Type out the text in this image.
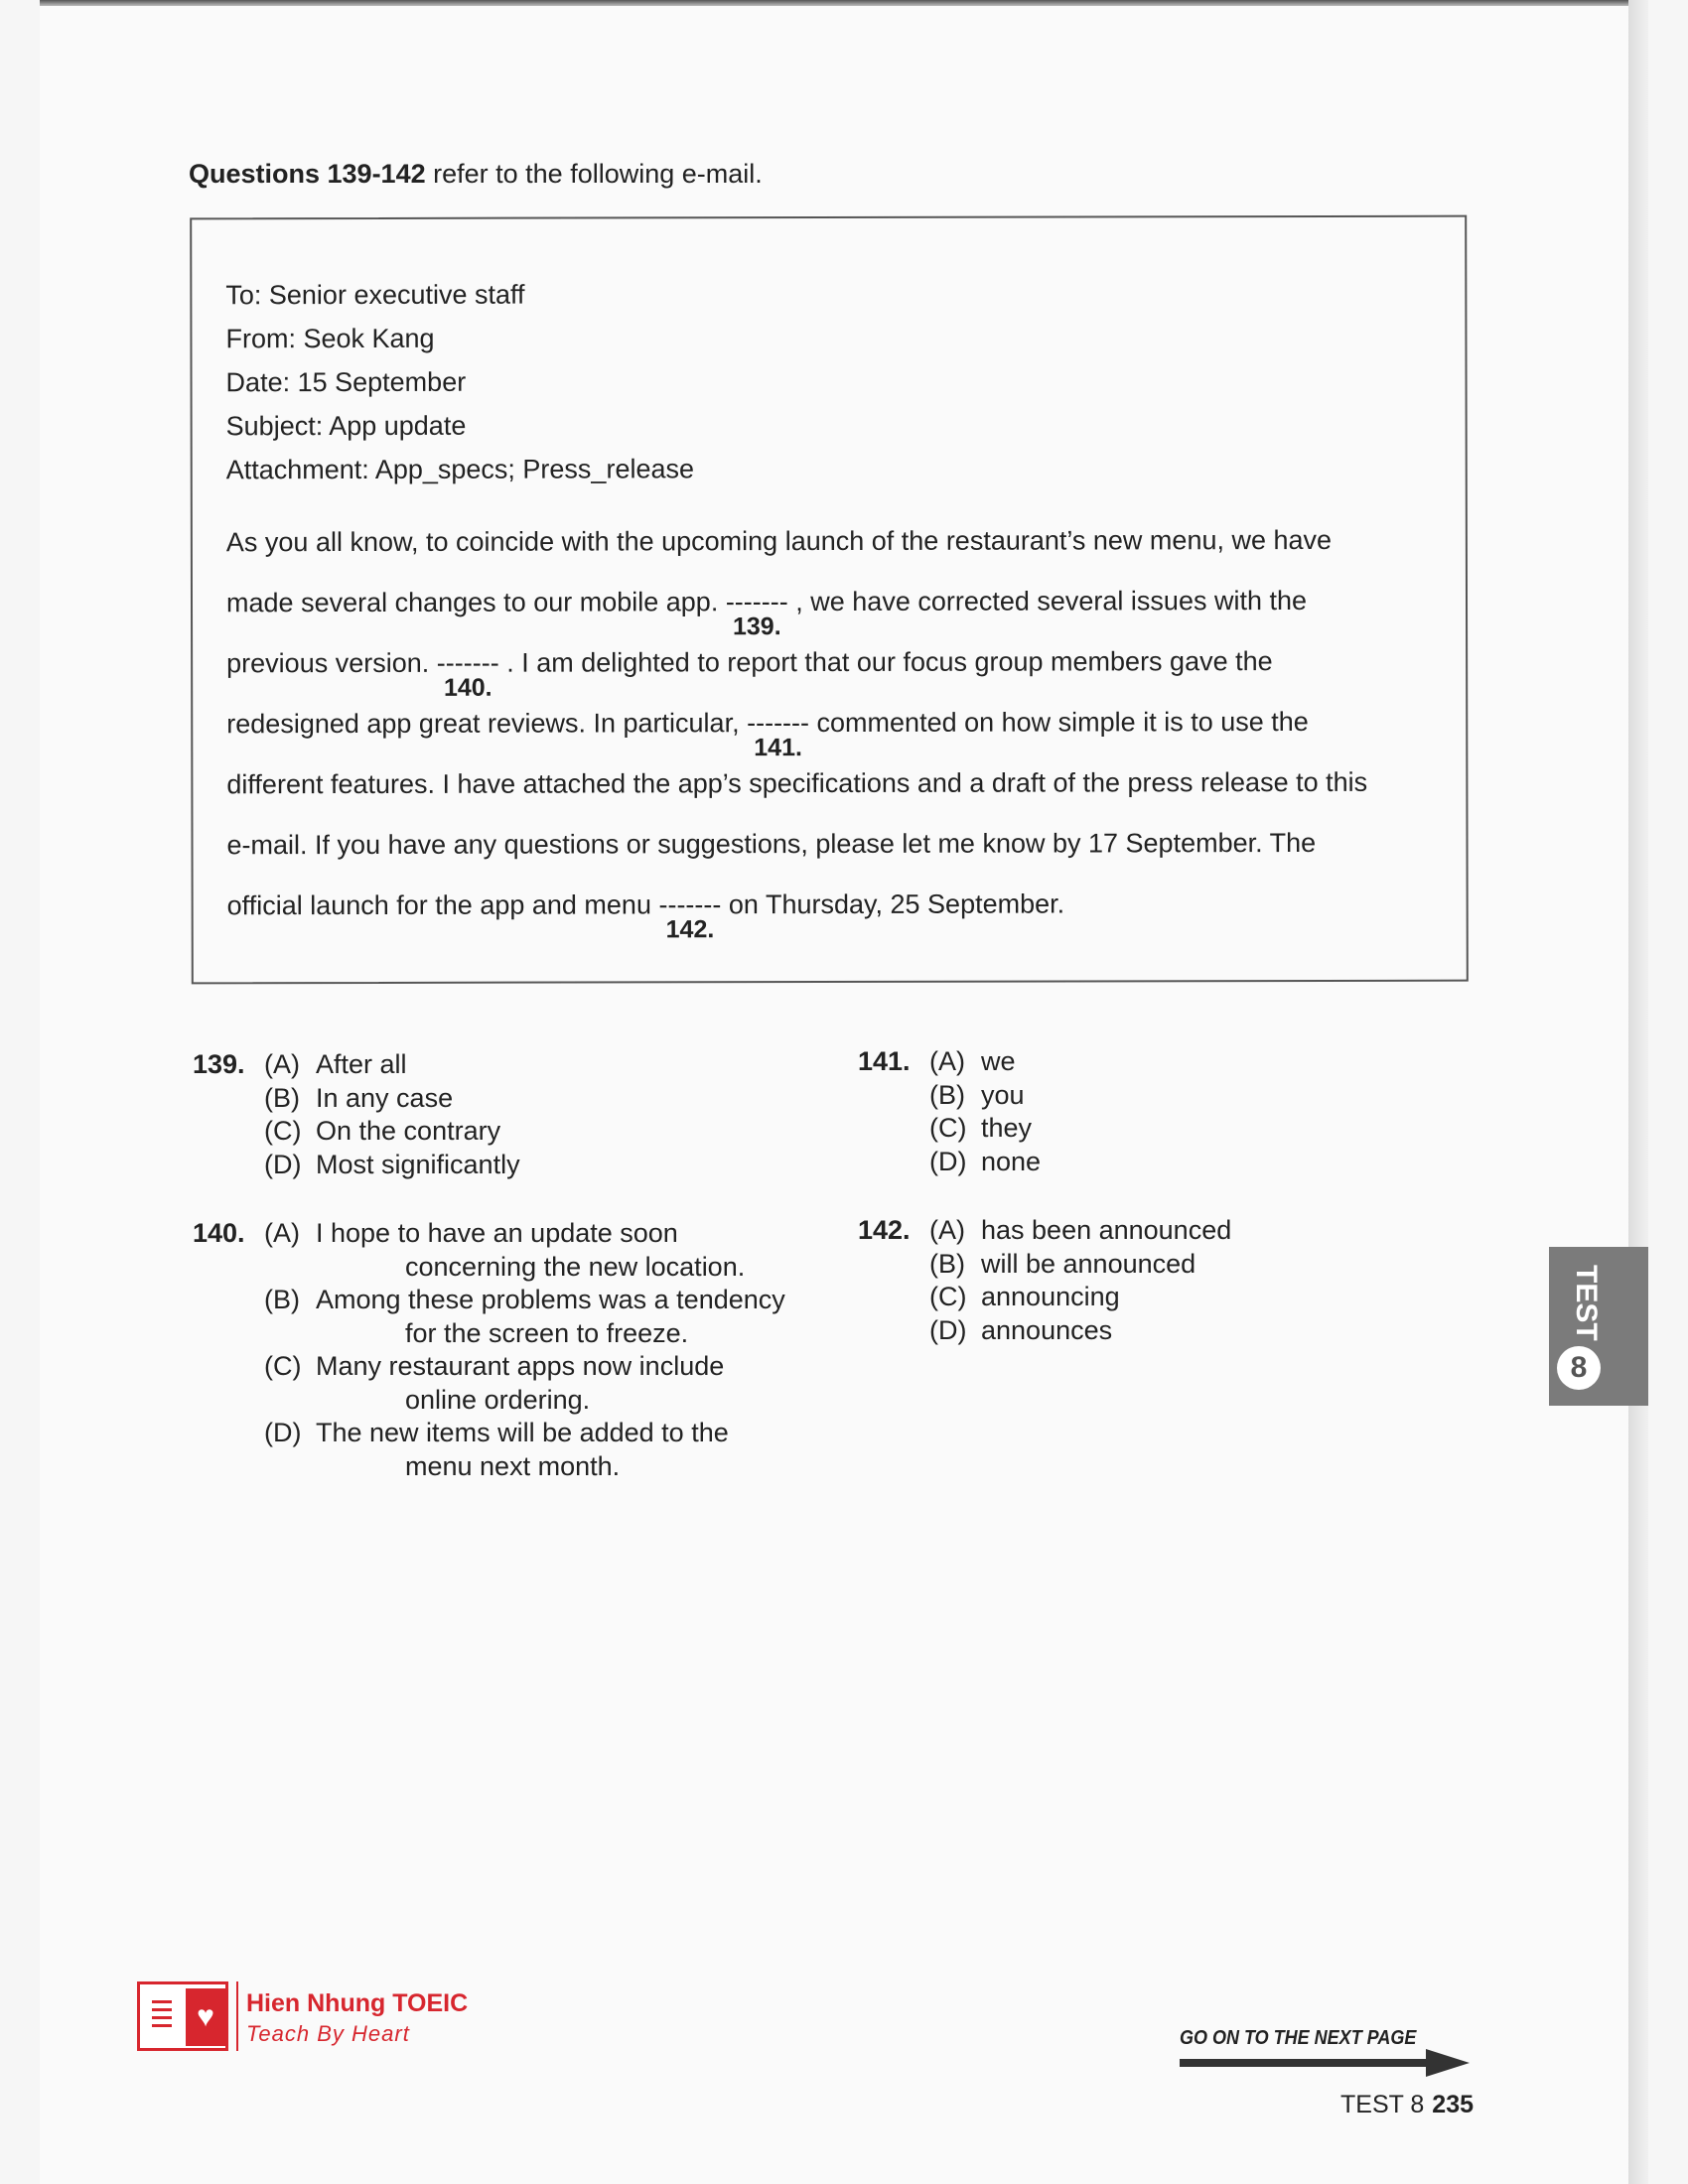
Questions 139-142 refer to the following e-mail.
To: Senior executive staff
From: Seok Kang
Date: 15 September
Subject: App update
Attachment: App_specs; Press_release
As you all know, to coincide with the upcoming launch of the restaurant’s new menu, we have
made several changes to our mobile app. -------
139.
, we have corrected several issues with the
previous version. -------
140.
. I am delighted to report that our focus group members gave the
redesigned app great reviews. In particular, -------
141.
commented on how simple it is to use the
different features. I have attached the app’s specifications and a draft of the press release to this
e-mail. If you have any questions or suggestions, please let me know by 17 September. The
official launch for the app and menu -------
142.
on Thursday, 25 September.
139. (A) After all
(B) In any case
(C) On the contrary
(D) Most significantly
140. (A) I hope to have an update soon
concerning the new location.
(B) Among these problems was a tendency
for the screen to freeze.
(C) Many restaurant apps now include
online ordering.
(D) The new items will be added to the
menu next month.
141. (A) we
(B) you
(C) they
(D) none
142. (A) has been announced
(B) will be announced
(C) announcing
(D) announces	TEST
8
♥	Hien Nhung TOEIC
Teach By Heart	GO ON TO THE NEXT PAGE
TEST 8 235
